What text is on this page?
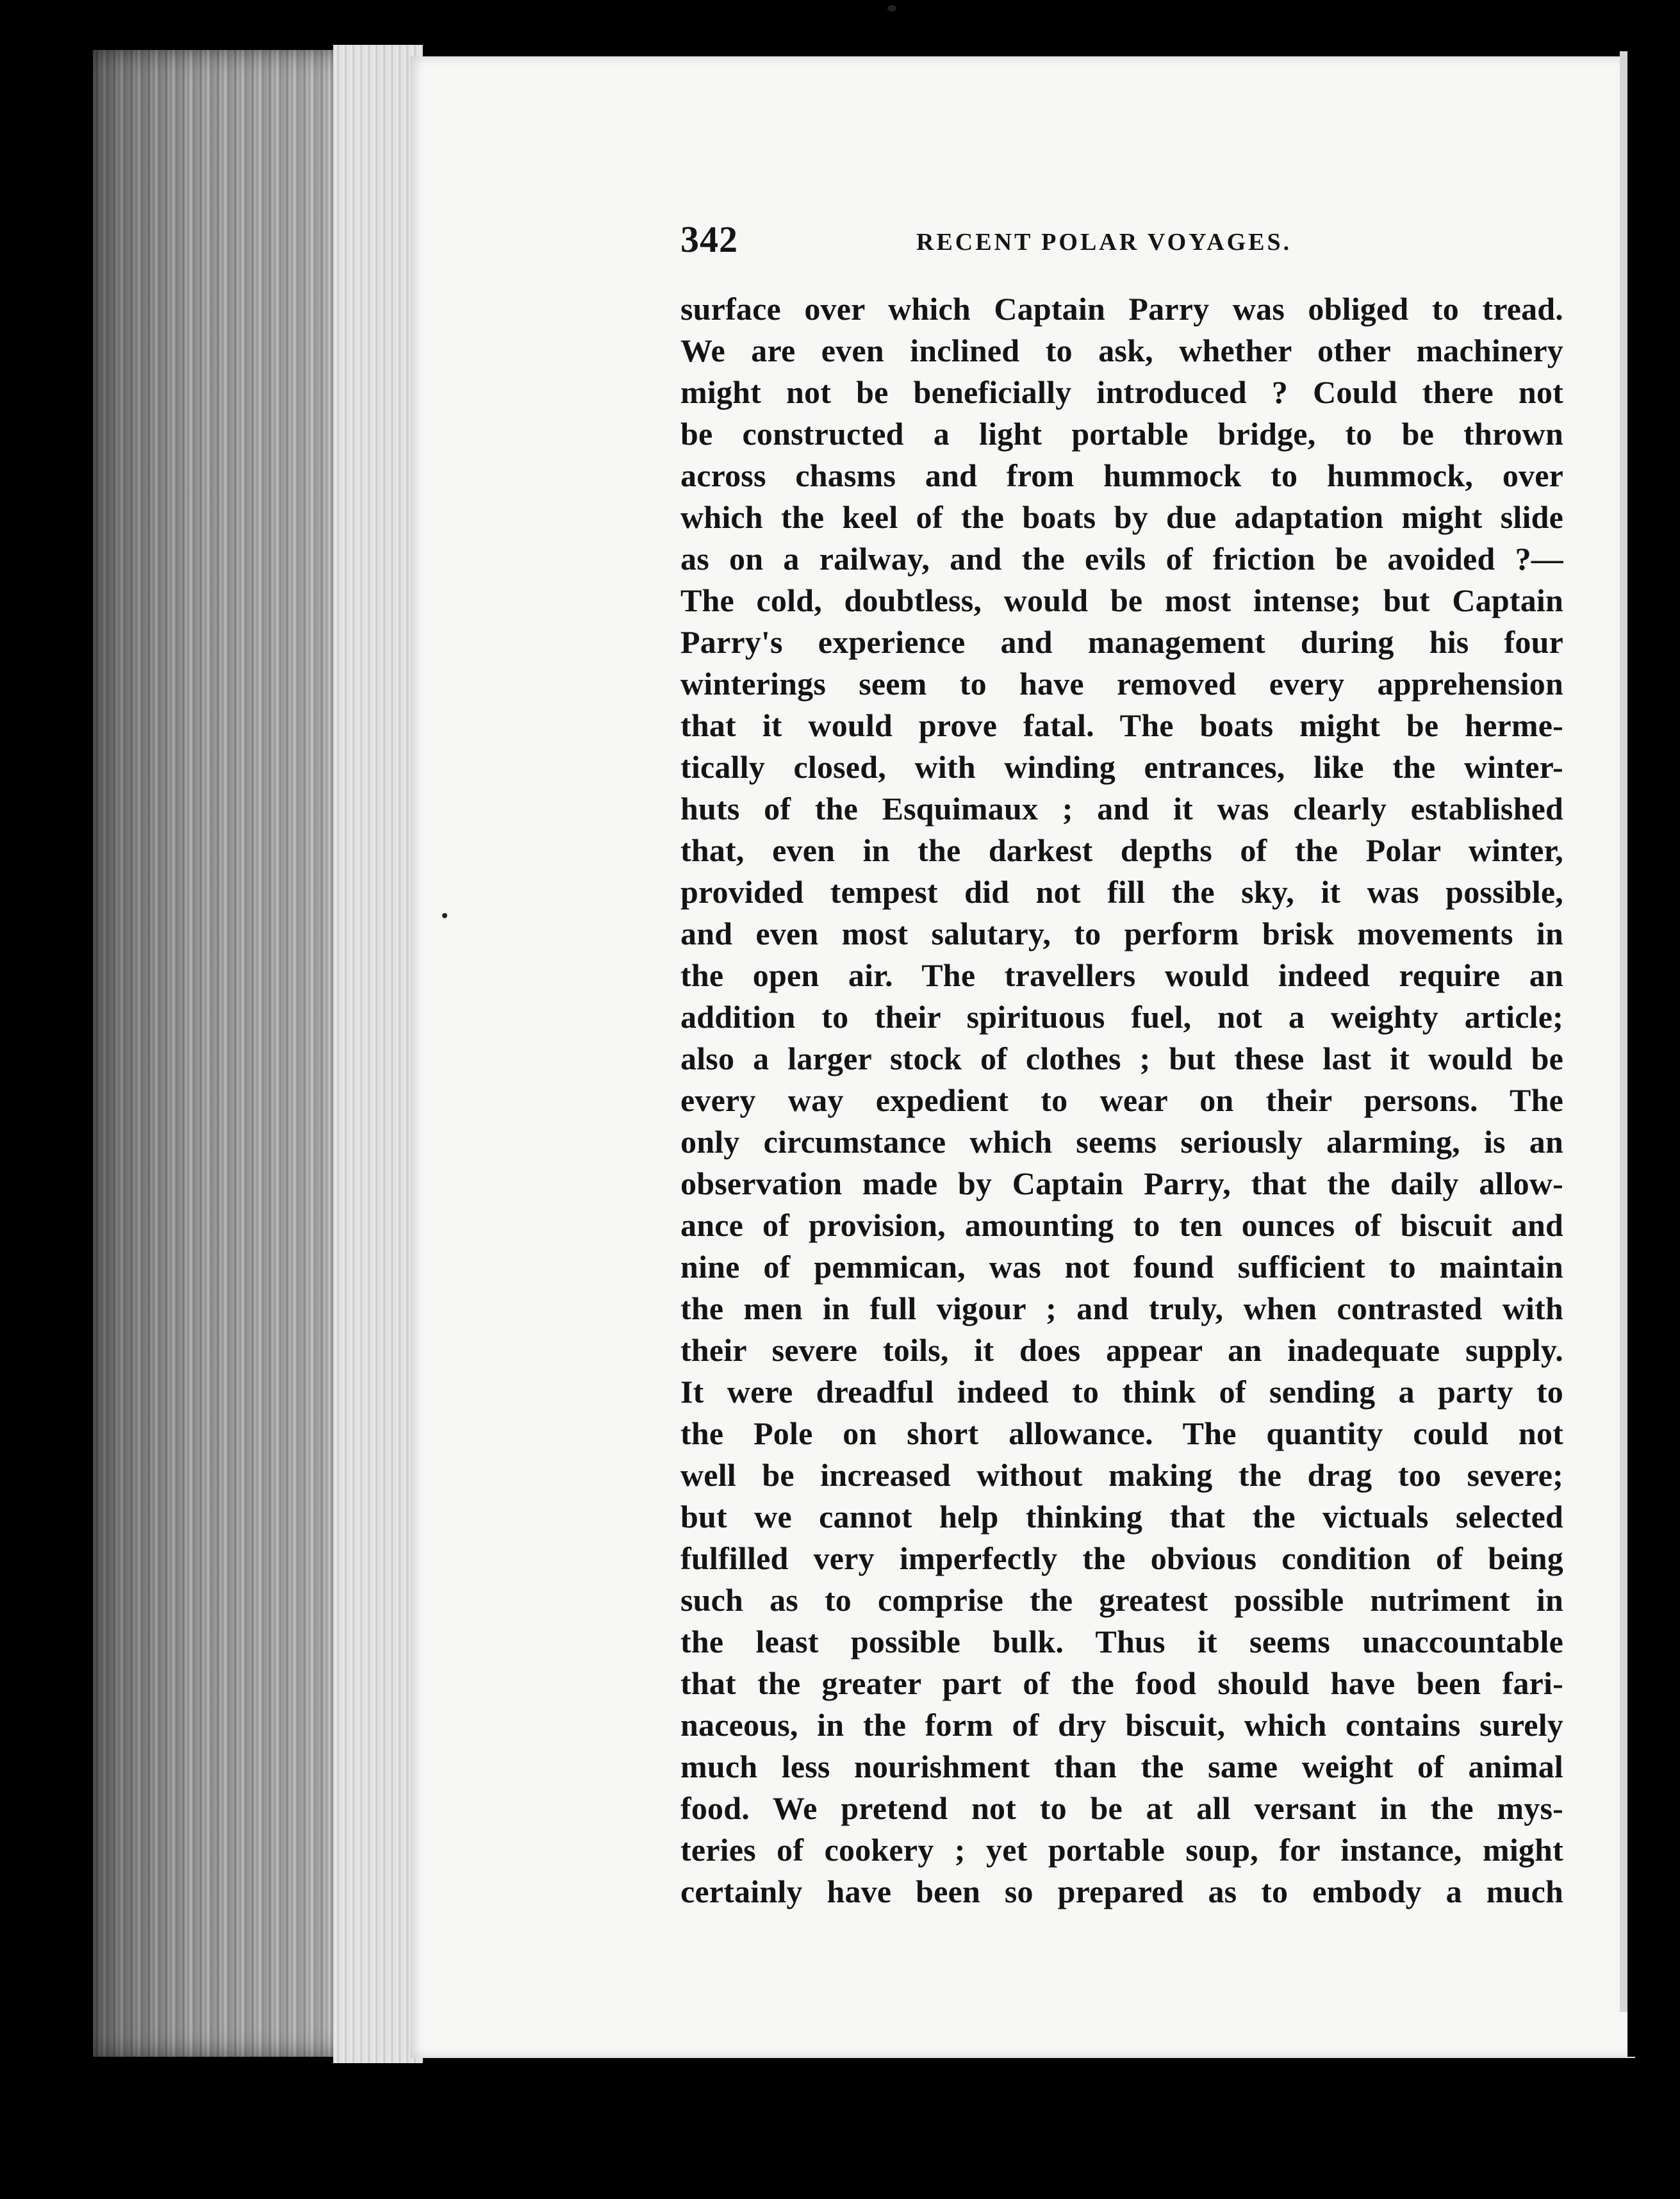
342	RECENT POLAR VOYAGES.
surface over which Captain Parry was obliged to tread.
We are even inclined to ask, whether other machinery
might not be beneficially introduced ? Could there not
be constructed a light portable bridge, to be thrown
across chasms and from hummock to hummock, over
which the keel of the boats by due adaptation might slide
as on a railway, and the evils of friction be avoided ?—
The cold, doubtless, would be most intense; but Captain
Parry's experience and management during his four
winterings seem to have removed every apprehension
that it would prove fatal. The boats might be herme-
tically closed, with winding entrances, like the winter-
huts of the Esquimaux ; and it was clearly established
that, even in the darkest depths of the Polar winter,
provided tempest did not fill the sky, it was possible,
and even most salutary, to perform brisk movements in
the open air. The travellers would indeed require an
addition to their spirituous fuel, not a weighty article;
also a larger stock of clothes ; but these last it would be
every way expedient to wear on their persons. The
only circumstance which seems seriously alarming, is an
observation made by Captain Parry, that the daily allow-
ance of provision, amounting to ten ounces of biscuit and
nine of pemmican, was not found sufficient to maintain
the men in full vigour ; and truly, when contrasted with
their severe toils, it does appear an inadequate supply.
It were dreadful indeed to think of sending a party to
the Pole on short allowance. The quantity could not
well be increased without making the drag too severe;
but we cannot help thinking that the victuals selected
fulfilled very imperfectly the obvious condition of being
such as to comprise the greatest possible nutriment in
the least possible bulk. Thus it seems unaccountable
that the greater part of the food should have been fari-
naceous, in the form of dry biscuit, which contains surely
much less nourishment than the same weight of animal
food. We pretend not to be at all versant in the mys-
teries of cookery ; yet portable soup, for instance, might
certainly have been so prepared as to embody a much
